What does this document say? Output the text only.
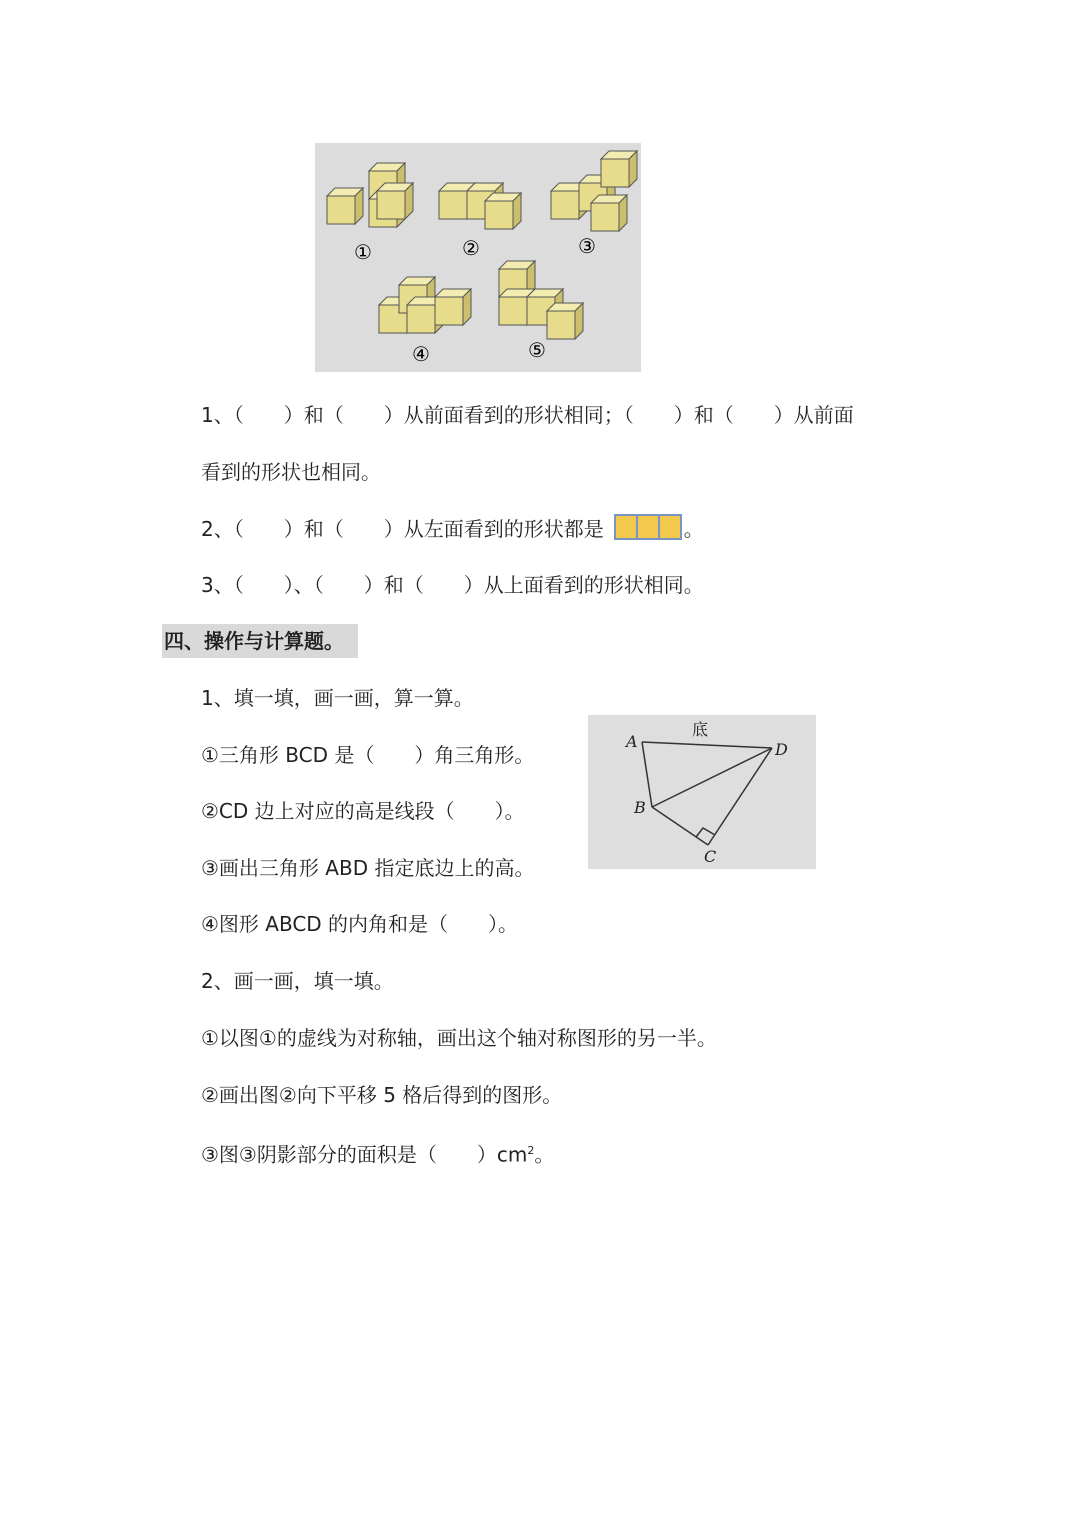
①	②	③
④	⑤
1、（　　）和（　　）从前面看到的形状相同；（　　）和（　　）从前面
看到的形状也相同。
2、（　　）和（　　）从左面看到的形状都是	。
3、（　　）、（　　）和（　　）从上面看到的形状相同。
四、操作与计算题。
1、填一填，画一画，算一算。
①三角形 BCD 是（　　）角三角形。
②CD 边上对应的高是线段（　　）。
③画出三角形 ABD 指定底边上的高。
④图形 ABCD 的内角和是（　　）。
底
A	D
B
C
2、画一画，填一填。
①以图①的虚线为对称轴，画出这个轴对称图形的另一半。
②画出图②向下平移 5 格后得到的图形。
③图③阴影部分的面积是（　　）$cm^2$。
